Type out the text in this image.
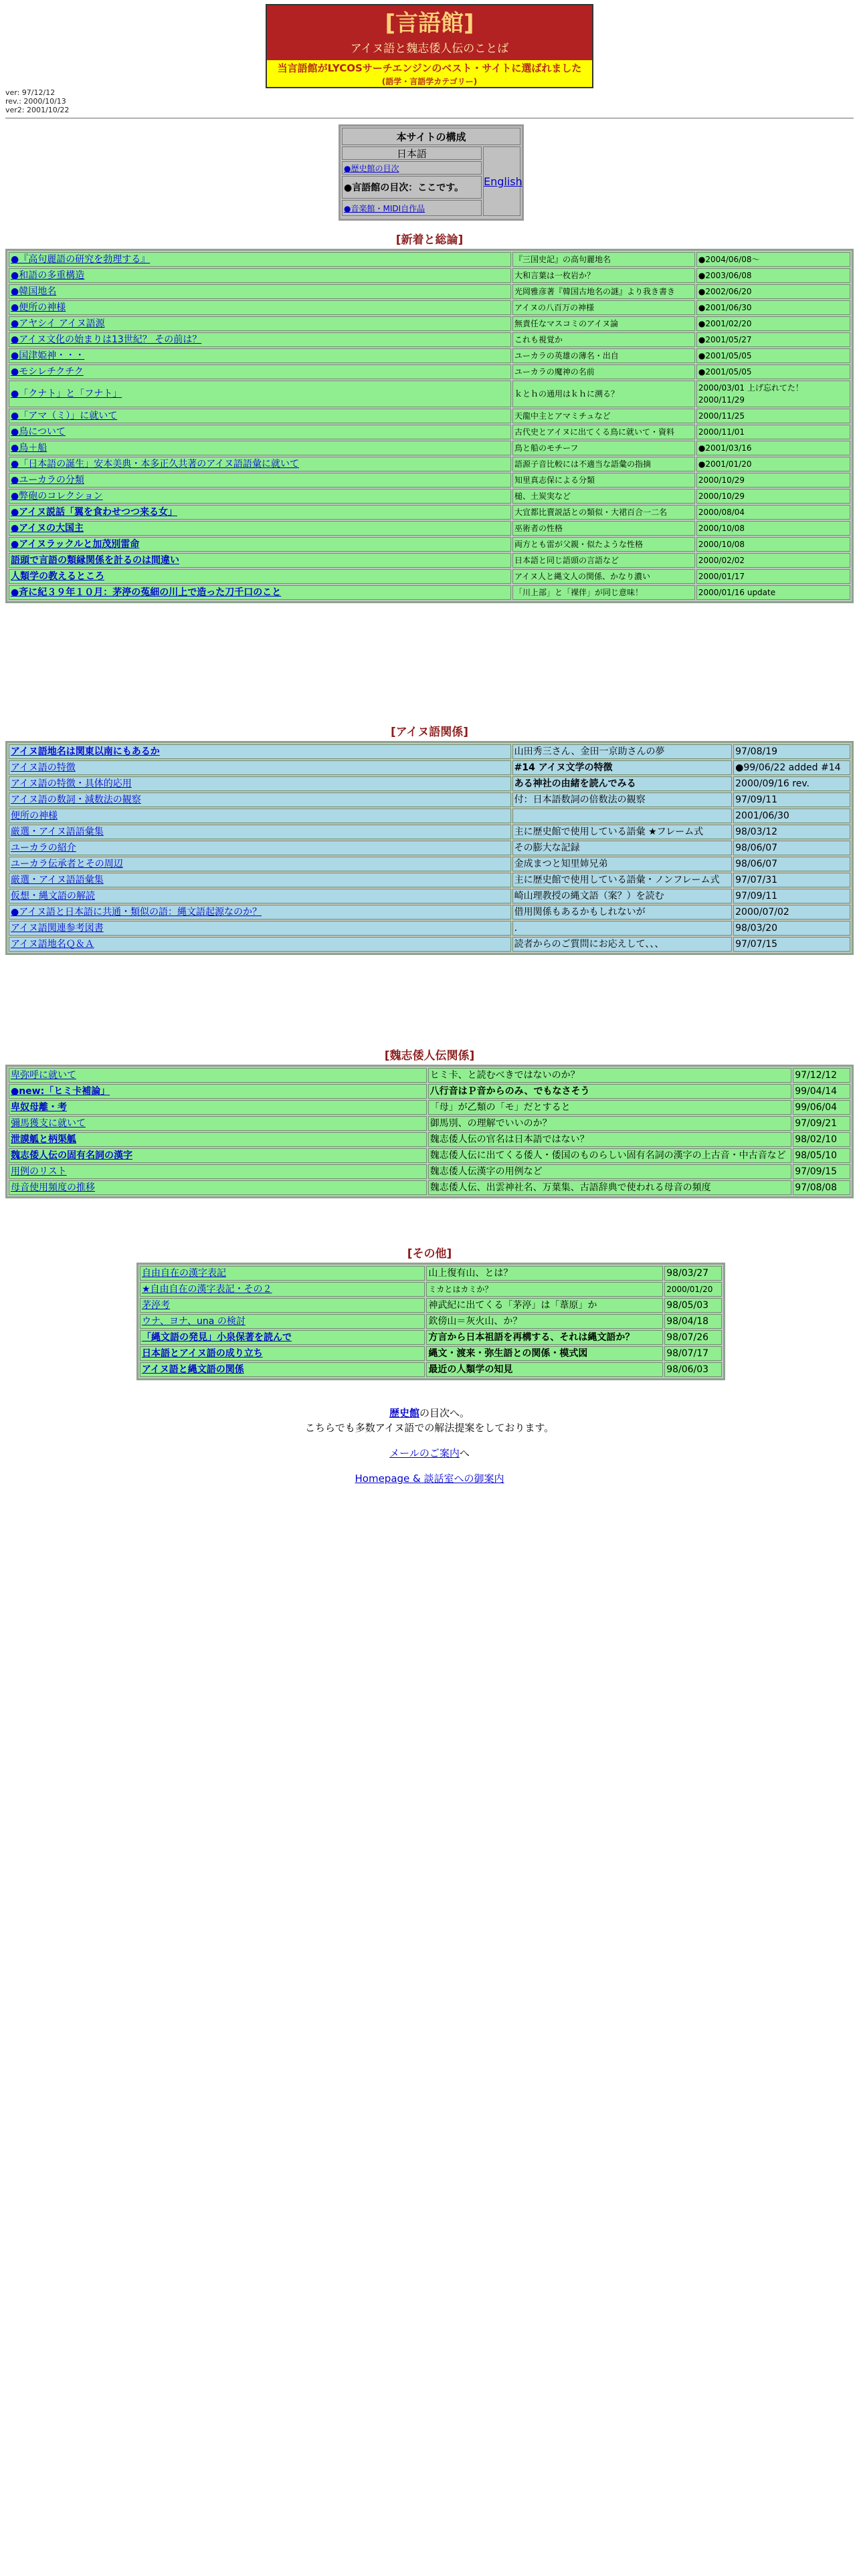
[言語館]
アイヌ語と魏志倭人伝のことば
当言語館がLYCOSサーチエンジンのベスト・サイトに選ばれました
(語学・言語学カテゴリー)
ver: 97/12/12
rev.: 2000/10/13
ver2: 2001/10/22
本サイトの構成
日本語
●歴史館の目次
●言語館の目次：ここです。
●音楽館・MIDI自作品
English
[新着と総論]
●『高句麗語の研究を勃理する』	『三国史記』の高句麗地名	●2004/06/08～
●和語の多重構造	大和言葉は一枚岩か？	●2003/06/08
●韓国地名	光岡雅彦著『韓国古地名の謎』より我き書き	●2002/06/20
●便所の神様	アイヌの八百万の神様	●2001/06/30
●アヤシイ アイヌ語源	無責任なマスコミのアイヌ論	●2001/02/20
●アイヌ文化の始まりは13世紀？ その前は？	これも視覚か	●2001/05/27
●国津姫神・・・	ユーカラの英雄の薄名・出自	●2001/05/05
●モシレチクチク	ユーカラの魔神の名前	●2001/05/05
●「クナト」と「フナト」	ｋとｈの通用はｋｈに溯る？	2000/03/01 上げ忘れてた！ 2000/11/29
●「アマ（ミ）」に就いて	天龍中主とアマミチュなど	2000/11/25
●鳥について	古代史とアイヌに出てくる鳥に就いて・資料	2000/11/01
●鳥＋船	鳥と船のモチーフ	●2001/03/16
●「日本語の誕生」安本美典・本多正久共著のアイヌ語語彙に就いて	語源子音比較には不適当な語彙の指摘	●2001/01/20
●ユーカラの分類	知里真志保による分類	2000/10/29
●弊砲のコレクション	槌、土炭実など	2000/10/29
●アイヌ説話「翼を食わせつつ来る女」	大宜都比賣説話との類似・大裙百合一二名	2000/08/04
●アイヌの大国主	巫術者の性格	2000/10/08
●アイヌラックルと加茂別雷命	両方とも雷が父親・似たような性格	2000/10/08
語頭で言語の類縁関係を計るのは間違い	日本語と同じ語頭の言語など	2000/02/02
人類学の教えるところ	アイヌ人と縄文人の関係、かなり濃い	2000/01/17
●斉に紀３９年１０月：茅渟の菟細の川上で造った刀千口のこと	「川上部」と「裸伴」が同じ意味！	2000/01/16 update
[アイヌ語関係]
アイヌ語地名は関東以南にもあるか	山田秀三さん、金田一京助さんの夢	97/08/19
アイヌ語の特徴	#14 アイヌ文学の特徴	●99/06/22 added #14
アイヌ語の特徴・具体的応用	ある神社の由緒を読んでみる	2000/09/16 rev.
アイヌ語の数詞・減数法の観察	付：日本語数詞の倍数法の観察	97/09/11
便所の神様		2001/06/30
厳選・アイヌ語語彙集	主に歴史館で使用している語彙 ★フレーム式	98/03/12
ユーカラの紹介	その膨大な記録	98/06/07
ユーカラ伝承者とその周辺	金成まつと知里姉兄弟	98/06/07
厳選・アイヌ語語彙集	主に歴史館で使用している語彙・ノンフレーム式	97/07/31
仮想・縄文語の解読	崎山理教授の縄文語（案？）を読む	97/09/11
●アイヌ語と日本語に共通・類似の語：縄文語起源なのか？	借用関係もあるかもしれないが	2000/07/02
アイヌ語関連参考図書	.	98/03/20
アイヌ語地名Ｑ＆Ａ	読者からのご質問にお応えして、、、	97/07/15
[魏志倭人伝関係]
卑弥呼に就いて	ヒミ卡、と読むべきではないのか？	97/12/12
●new:「ヒミ卡補論」	八行音はＰ音からのみ、でもなさそう	99/04/14
卑奴母離・考	「母」が乙類の「モ」だとすると	99/06/04
彌馬獲支に就いて	御馬別、の理解でいいのか？	97/09/21
泄謨觚と柄渠觚	魏志倭人伝の官名は日本語ではない？	98/02/10
魏志倭人伝の固有名詞の漢字	魏志倭人伝に出てくる倭人・倭国のものらしい固有名詞の漢字の上古音・中古音など	98/05/10
用例のリスト	魏志倭人伝漢字の用例など	97/09/15
母音使用頻度の推移	魏志倭人伝、出雲神社名、万葉集、古語辞典で使われる母音の頻度	97/08/08
[その他]
自由自在の漢字表記	山上復有山、とは？	98/03/27
★自由自在の漢字表記・その２	ミカとはカミか？	2000/01/20
茅渟考	神武紀に出てくる「茅渟」は「葦原」か	98/05/03
ウナ、ヨナ、una の検討	欽傍山＝灰火山、か？	98/04/18
「縄文語の発見」小泉保著を読んで	方言から日本祖語を再構する、それは縄文語か？	98/07/26
日本語とアイヌ語の成り立ち	縄文・渡来・弥生語との関係・模式図	98/07/17
アイヌ語と縄文語の関係	最近の人類学の知見	98/06/03

歴史館の目次へ。
こちらでも多数アイヌ語での解法提案をしております。

メールのご案内へ

Homepage & 談話室への御案内
